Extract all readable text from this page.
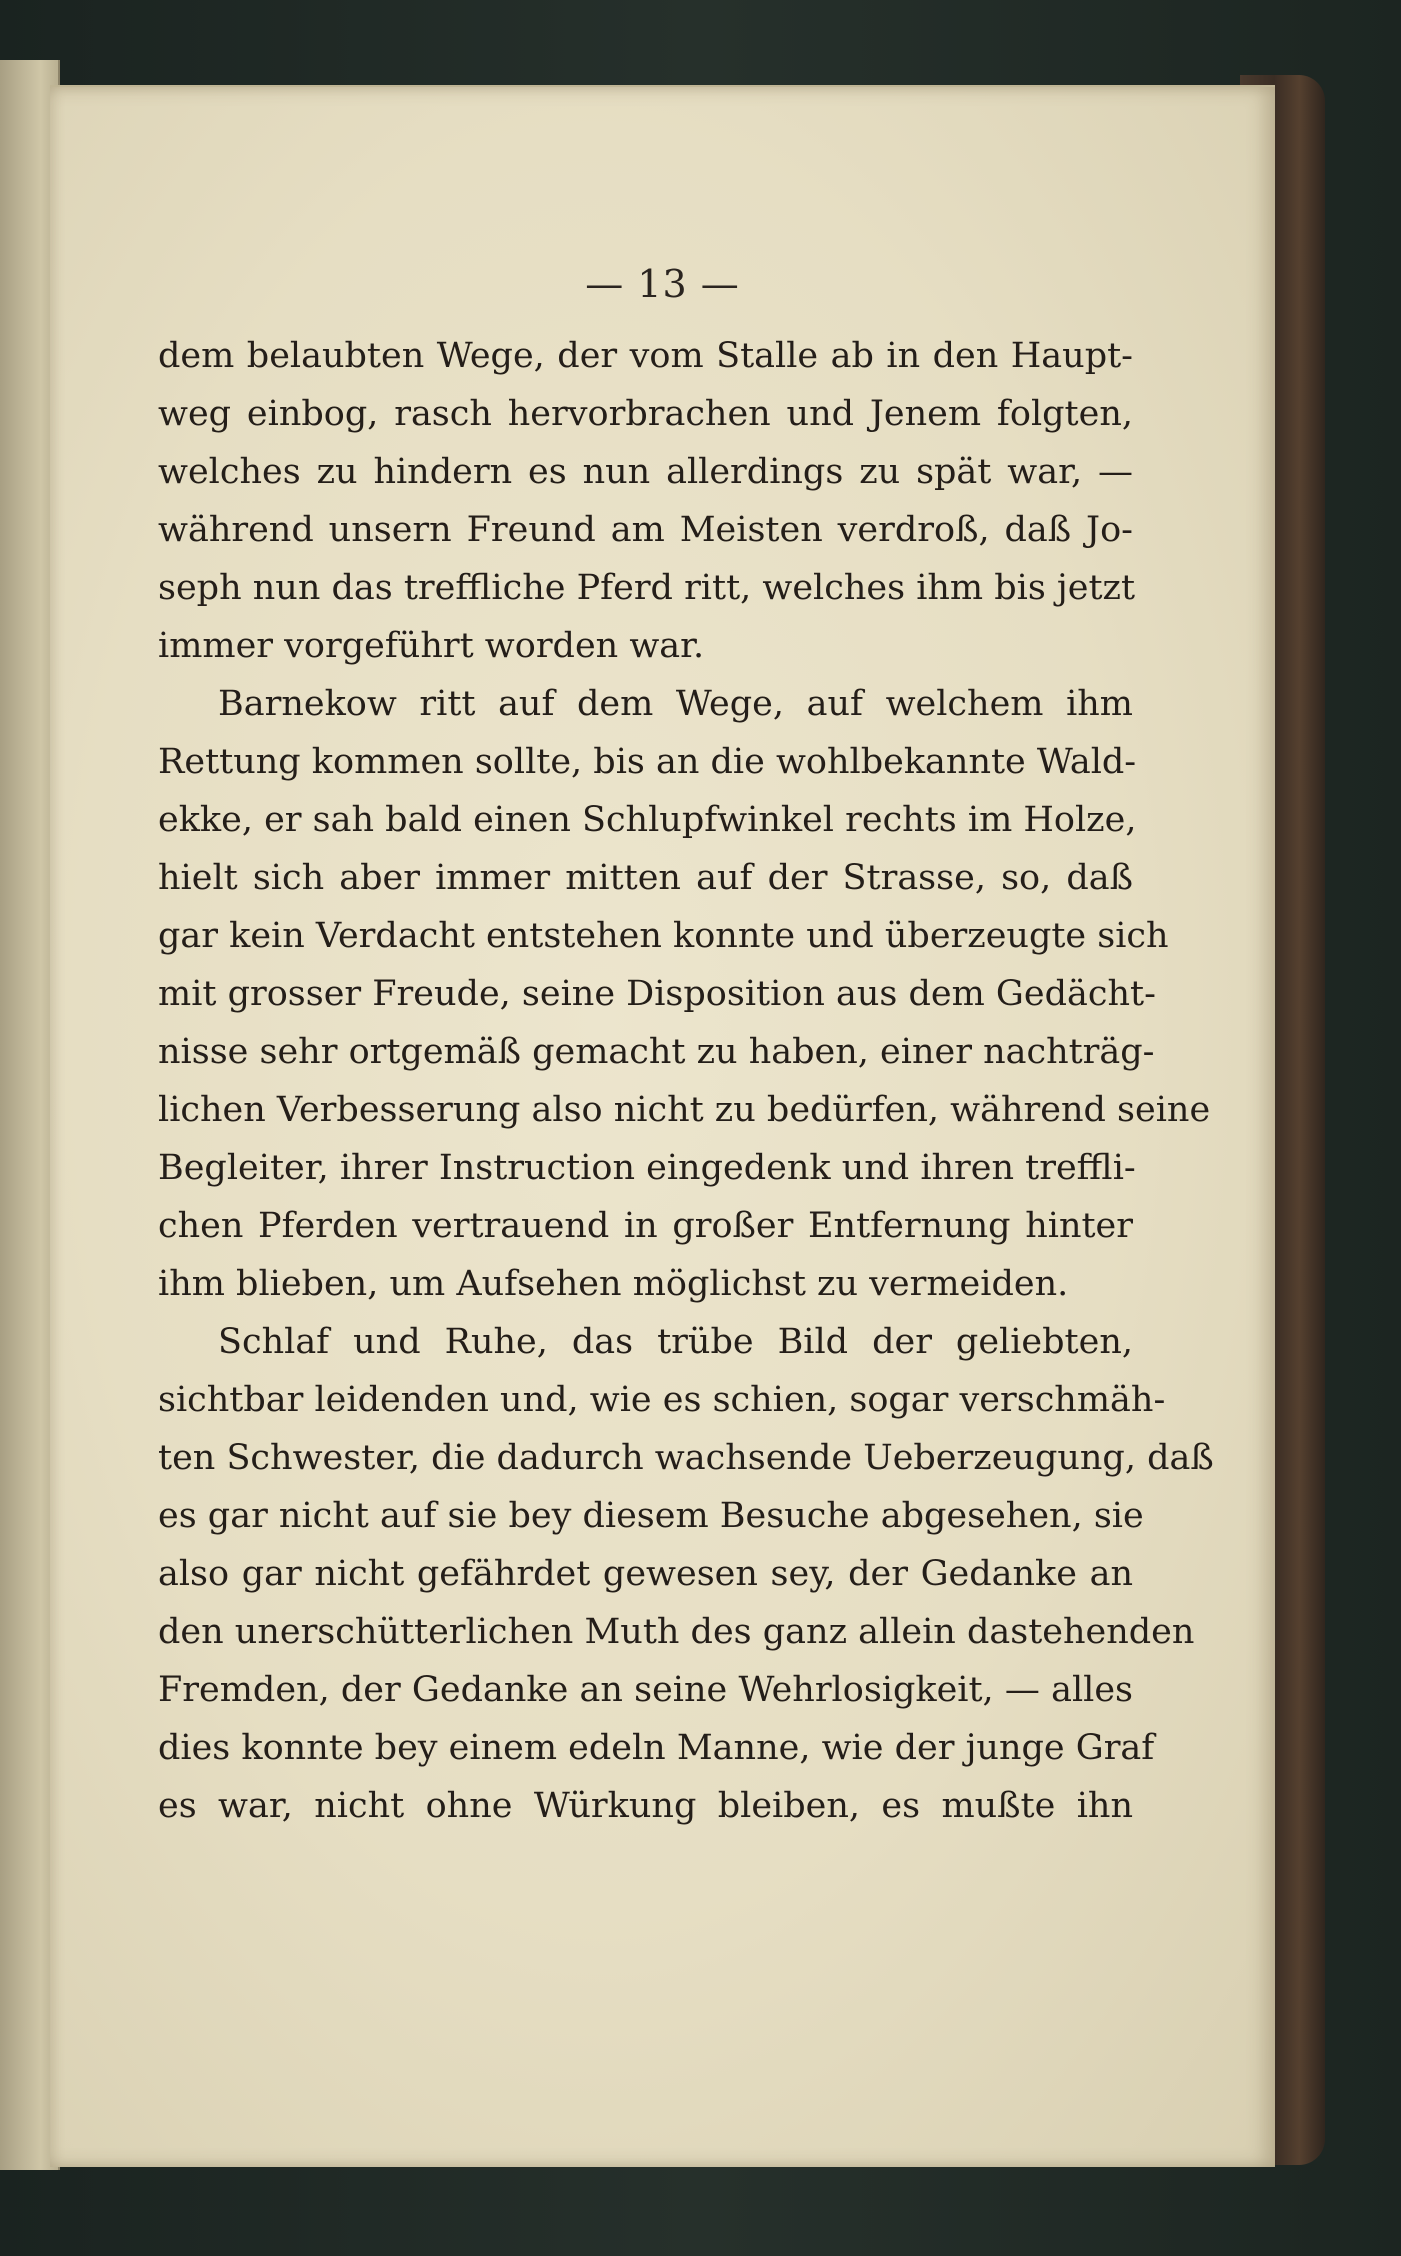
— 13 —
dem belaubten Wege, der vom Stalle ab in den Haupt-
weg einbog, rasch hervorbrachen und Jenem folgten,
welches zu hindern es nun allerdings zu spät war, —
während unsern Freund am Meisten verdroß, daß Jo-
seph nun das treffliche Pferd ritt, welches ihm bis jetzt
immer vorgeführt worden war.
Barnekow ritt auf dem Wege, auf welchem ihm
Rettung kommen sollte, bis an die wohlbekannte Wald-
ekke, er sah bald einen Schlupfwinkel rechts im Holze,
hielt sich aber immer mitten auf der Strasse, so, daß
gar kein Verdacht entstehen konnte und überzeugte sich
mit grosser Freude, seine Disposition aus dem Gedächt-
nisse sehr ortgemäß gemacht zu haben, einer nachträg-
lichen Verbesserung also nicht zu bedürfen, während seine
Begleiter, ihrer Instruction eingedenk und ihren treffli-
chen Pferden vertrauend in großer Entfernung hinter
ihm blieben, um Aufsehen möglichst zu vermeiden.
Schlaf und Ruhe, das trübe Bild der geliebten,
sichtbar leidenden und, wie es schien, sogar verschmäh-
ten Schwester, die dadurch wachsende Ueberzeugung, daß
es gar nicht auf sie bey diesem Besuche abgesehen, sie
also gar nicht gefährdet gewesen sey, der Gedanke an
den unerschütterlichen Muth des ganz allein dastehenden
Fremden, der Gedanke an seine Wehrlosigkeit, — alles
dies konnte bey einem edeln Manne, wie der junge Graf
es war, nicht ohne Würkung bleiben, es mußte ihn
